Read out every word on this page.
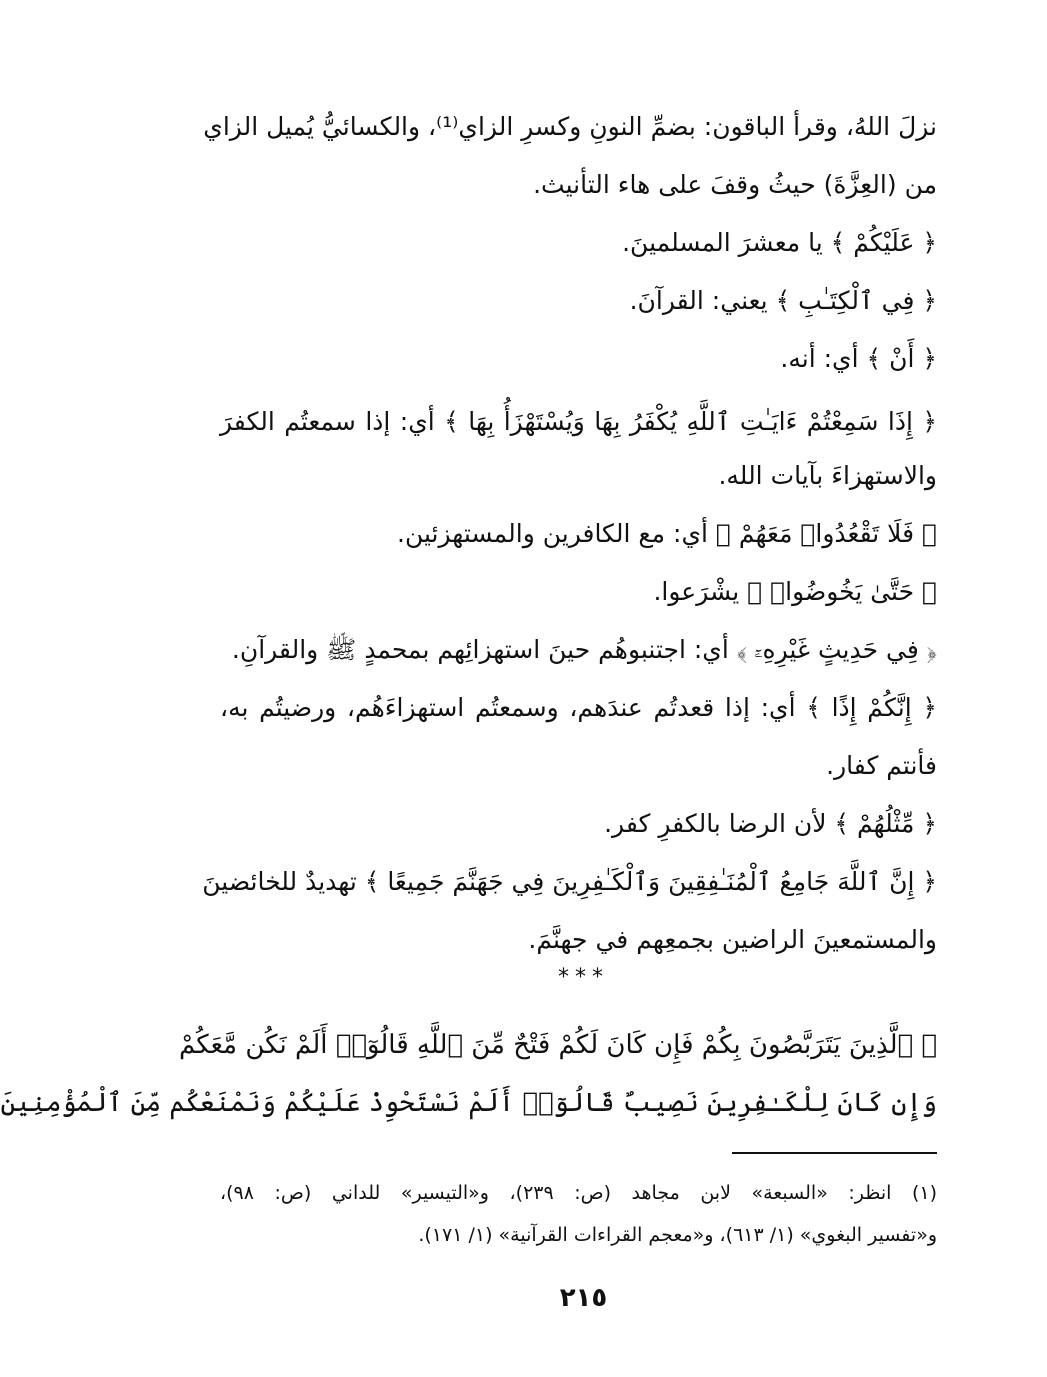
نزلَ اللهُ، وقرأ الباقون: بضمِّ النونِ وكسرِ الزاي⁽¹⁾، والكسائيُّ يُميل الزاي
من (العِزَّةَ) حيثُ وقفَ على هاء التأنيث.
﴿ عَلَيْكُمْ ﴾ يا معشرَ المسلمينَ.
﴿ فِي ٱلْكِتَـٰبِ ﴾ يعني: القرآنَ.
﴿ أَنْ ﴾ أي: أنه.
﴿ إِذَا سَمِعْتُمْ ءَايَـٰتِ ٱللَّهِ يُكْفَرُ بِهَا وَيُسْتَهْزَأُ بِهَا ﴾ أي: إذا سمعتُم الكفرَ
والاستهزاءَ بآيات الله.
﴿ فَلَا تَقْعُدُوا۟ مَعَهُمْ ﴾ أي: مع الكافرين والمستهزئين.
﴿ حَتَّىٰ يَخُوضُوا۟ ﴾ يشْرَعوا.
﴿ فِي حَدِيثٍ غَيْرِهِۦٓ ﴾ أي: اجتنبوهُم حينَ استهزائِهم بمحمدٍ ﷺ والقرآنِ.
﴿ إِنَّكُمْ إِذًا ﴾ أي: إذا قعدتُم عندَهم، وسمعتُم استهزاءَهُم، ورضيتُم به،
فأنتم كفار.
﴿ مِّثْلُهُمْ ﴾ لأن الرضا بالكفرِ كفر.
﴿ إِنَّ ٱللَّهَ جَامِعُ ٱلْمُنَـٰفِقِينَ وَٱلْكَـٰفِرِينَ فِي جَهَنَّمَ جَمِيعًا ﴾ تهديدٌ للخائضينَ
والمستمعينَ الراضين بجمعِهم في جهنَّمَ.
***
﴿ ٱلَّذِينَ يَتَرَبَّصُونَ بِكُمْ فَإِن كَانَ لَكُمْ فَتْحٌ مِّنَ ٱللَّهِ قَالُوٓا۟ أَلَمْ نَكُن مَّعَكُمْ
وَإِن كَانَ لِلْكَـٰفِرِينَ نَصِيبٌ قَالُوٓا۟ أَلَمْ نَسْتَحْوِذْ عَلَيْكُمْ وَنَمْنَعْكُم مِّنَ ٱلْمُؤْمِنِينَ
(١) انظر: «السبعة» لابن مجاهد (ص: ٢٣٩)، و«التيسير» للداني (ص: ٩٨)،
و«تفسير البغوي» (١/ ٦١٣)، و«معجم القراءات القرآنية» (١/ ١٧١).
٢١٥
